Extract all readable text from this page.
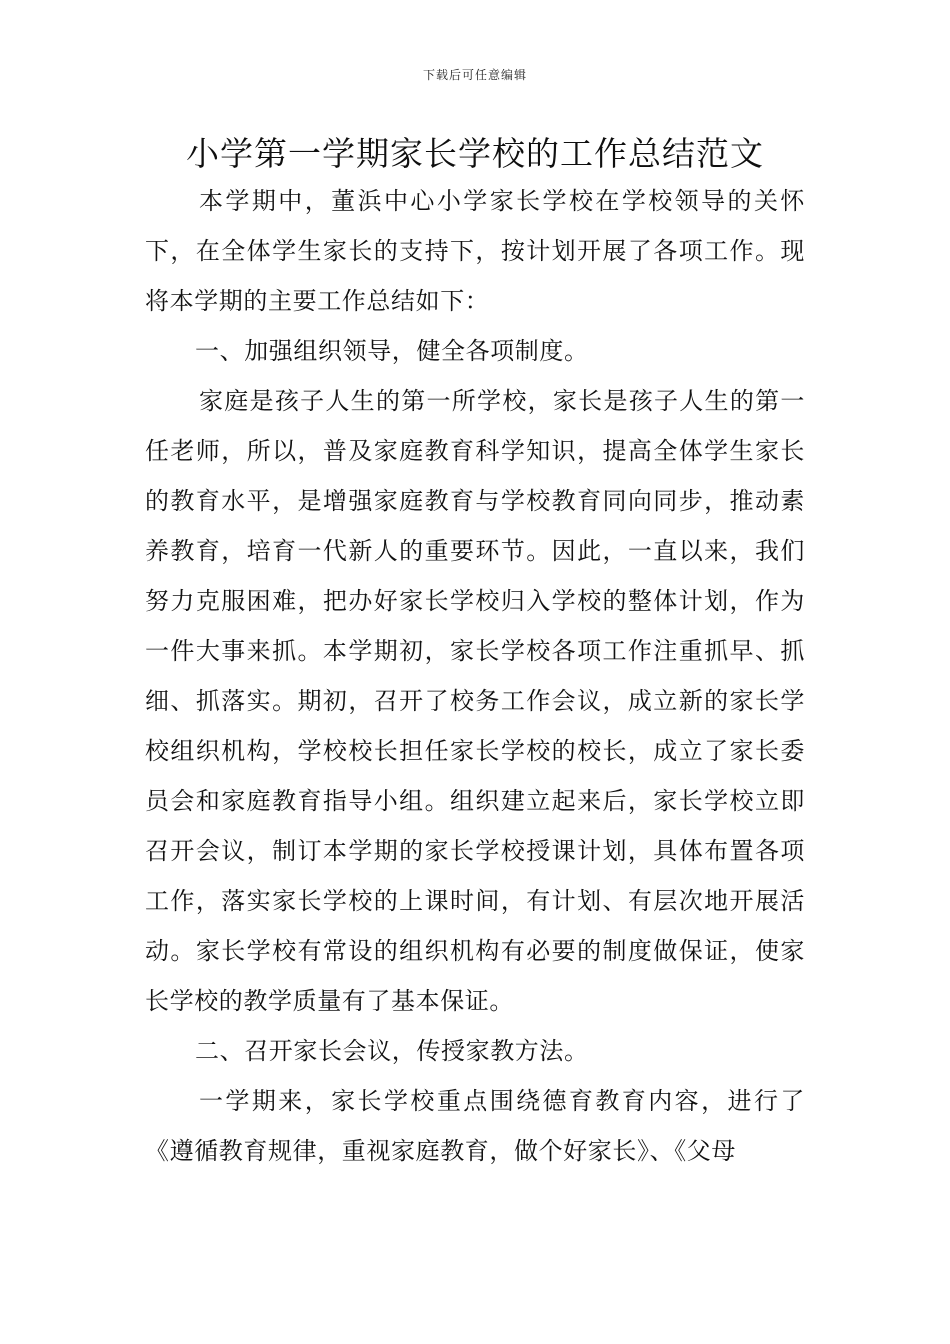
下载后可任意编辑
小学第一学期家长学校的工作总结范文

本学期中，董浜中心小学家长学校在学校领导的关怀下，在全体学生家长的支持下，按计划开展了各项工作。现将本学期的主要工作总结如下：

一、加强组织领导，健全各项制度。

家庭是孩子人生的第一所学校，家长是孩子人生的第一任老师，所以，普及家庭教育科学知识，提高全体学生家长的教育水平，是增强家庭教育与学校教育同向同步，推动素养教育，培育一代新人的重要环节。因此，一直以来，我们努力克服困难，把办好家长学校归入学校的整体计划，作为一件大事来抓。本学期初，家长学校各项工作注重抓早、抓细、抓落实。期初，召开了校务工作会议，成立新的家长学校组织机构，学校校长担任家长学校的校长，成立了家长委员会和家庭教育指导小组。组织建立起来后，家长学校立即召开会议，制订本学期的家长学校授课计划，具体布置各项工作，落实家长学校的上课时间，有计划、有层次地开展活动。家长学校有常设的组织机构有必要的制度做保证，使家长学校的教学质量有了基本保证。

二、召开家长会议，传授家教方法。

一学期来，家长学校重点围绕德育教育内容，进行了《遵循教育规律，重视家庭教育，做个好家长》、《父母
